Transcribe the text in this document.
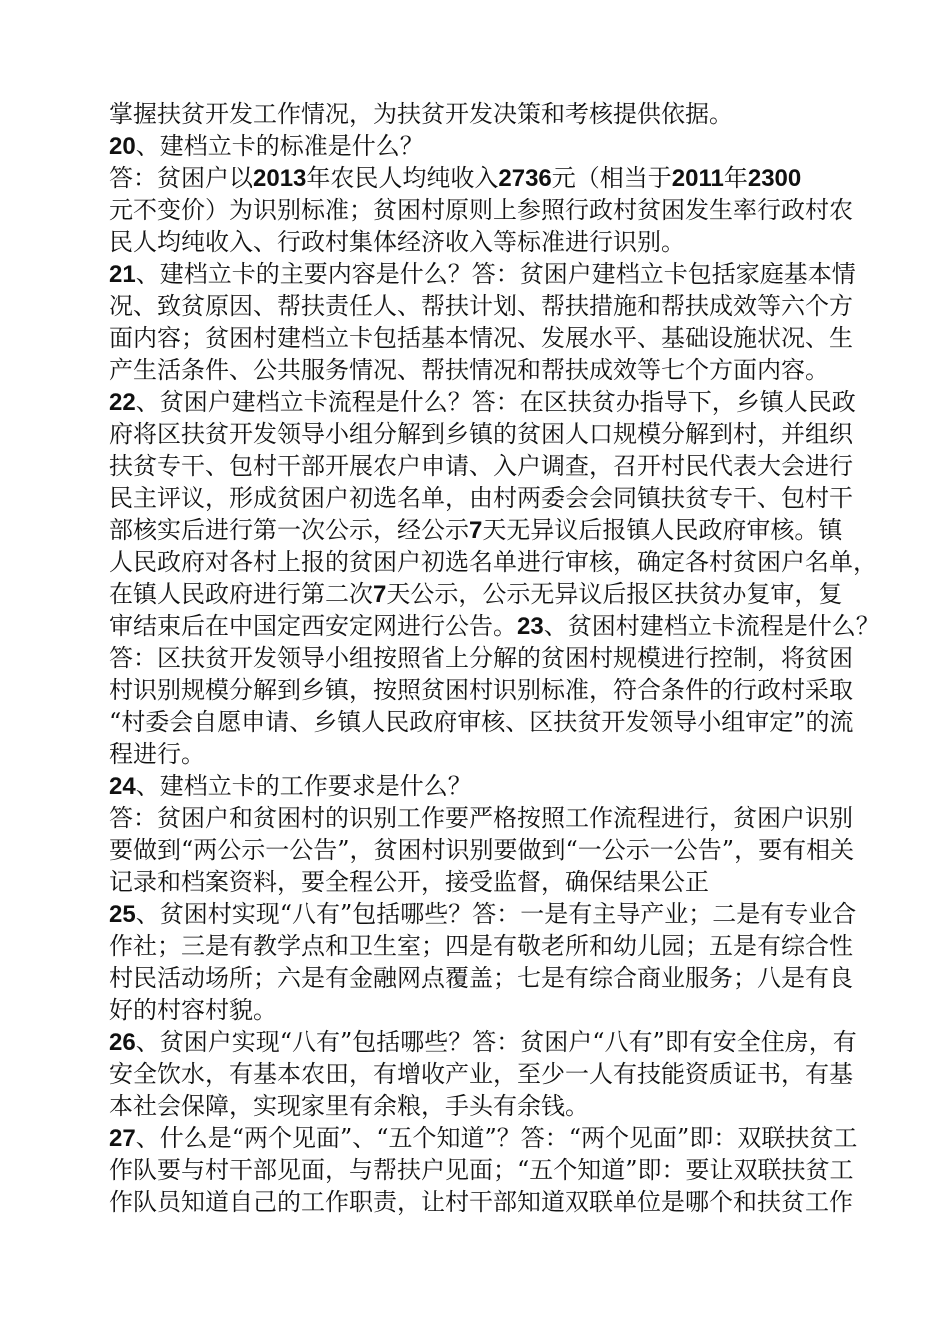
掌握扶贫开发工作情况，为扶贫开发决策和考核提供依据。
20、建档立卡的标准是什么？
答：贫困户以2013年农民人均纯收入2736元（相当于2011年2300
元不变价）为识别标准；贫困村原则上参照行政村贫困发生率行政村农
民人均纯收入、行政村集体经济收入等标准进行识别。
21、建档立卡的主要内容是什么？答：贫困户建档立卡包括家庭基本情
况、致贫原因、帮扶责任人、帮扶计划、帮扶措施和帮扶成效等六个方
面内容；贫困村建档立卡包括基本情况、发展水平、基础设施状况、生
产生活条件、公共服务情况、帮扶情况和帮扶成效等七个方面内容。
22、贫困户建档立卡流程是什么？答：在区扶贫办指导下，乡镇人民政
府将区扶贫开发领导小组分解到乡镇的贫困人口规模分解到村，并组织
扶贫专干、包村干部开展农户申请、入户调查，召开村民代表大会进行
民主评议，形成贫困户初选名单，由村两委会会同镇扶贫专干、包村干
部核实后进行第一次公示，经公示7天无异议后报镇人民政府审核。镇
人民政府对各村上报的贫困户初选名单进行审核，确定各村贫困户名单，
在镇人民政府进行第二次7天公示，公示无异议后报区扶贫办复审，复
审结束后在中国定西安定网进行公告。23、贫困村建档立卡流程是什么？
答：区扶贫开发领导小组按照省上分解的贫困村规模进行控制，将贫困
村识别规模分解到乡镇，按照贫困村识别标准，符合条件的行政村采取
“村委会自愿申请、乡镇人民政府审核、区扶贫开发领导小组审定”的流
程进行。
24、建档立卡的工作要求是什么？
答：贫困户和贫困村的识别工作要严格按照工作流程进行，贫困户识别
要做到“两公示一公告”，贫困村识别要做到“一公示一公告”，要有相关
记录和档案资料，要全程公开，接受监督，确保结果公正
25、贫困村实现“八有”包括哪些？答：一是有主导产业；二是有专业合
作社；三是有教学点和卫生室；四是有敬老所和幼儿园；五是有综合性
村民活动场所；六是有金融网点覆盖；七是有综合商业服务；八是有良
好的村容村貌。
26、贫困户实现“八有”包括哪些？答：贫困户“八有”即有安全住房，有
安全饮水，有基本农田，有增收产业，至少一人有技能资质证书，有基
本社会保障，实现家里有余粮，手头有余钱。
27、什么是“两个见面”、“五个知道”？答：“两个见面”即：双联扶贫工
作队要与村干部见面，与帮扶户见面；“五个知道”即：要让双联扶贫工
作队员知道自己的工作职责，让村干部知道双联单位是哪个和扶贫工作
